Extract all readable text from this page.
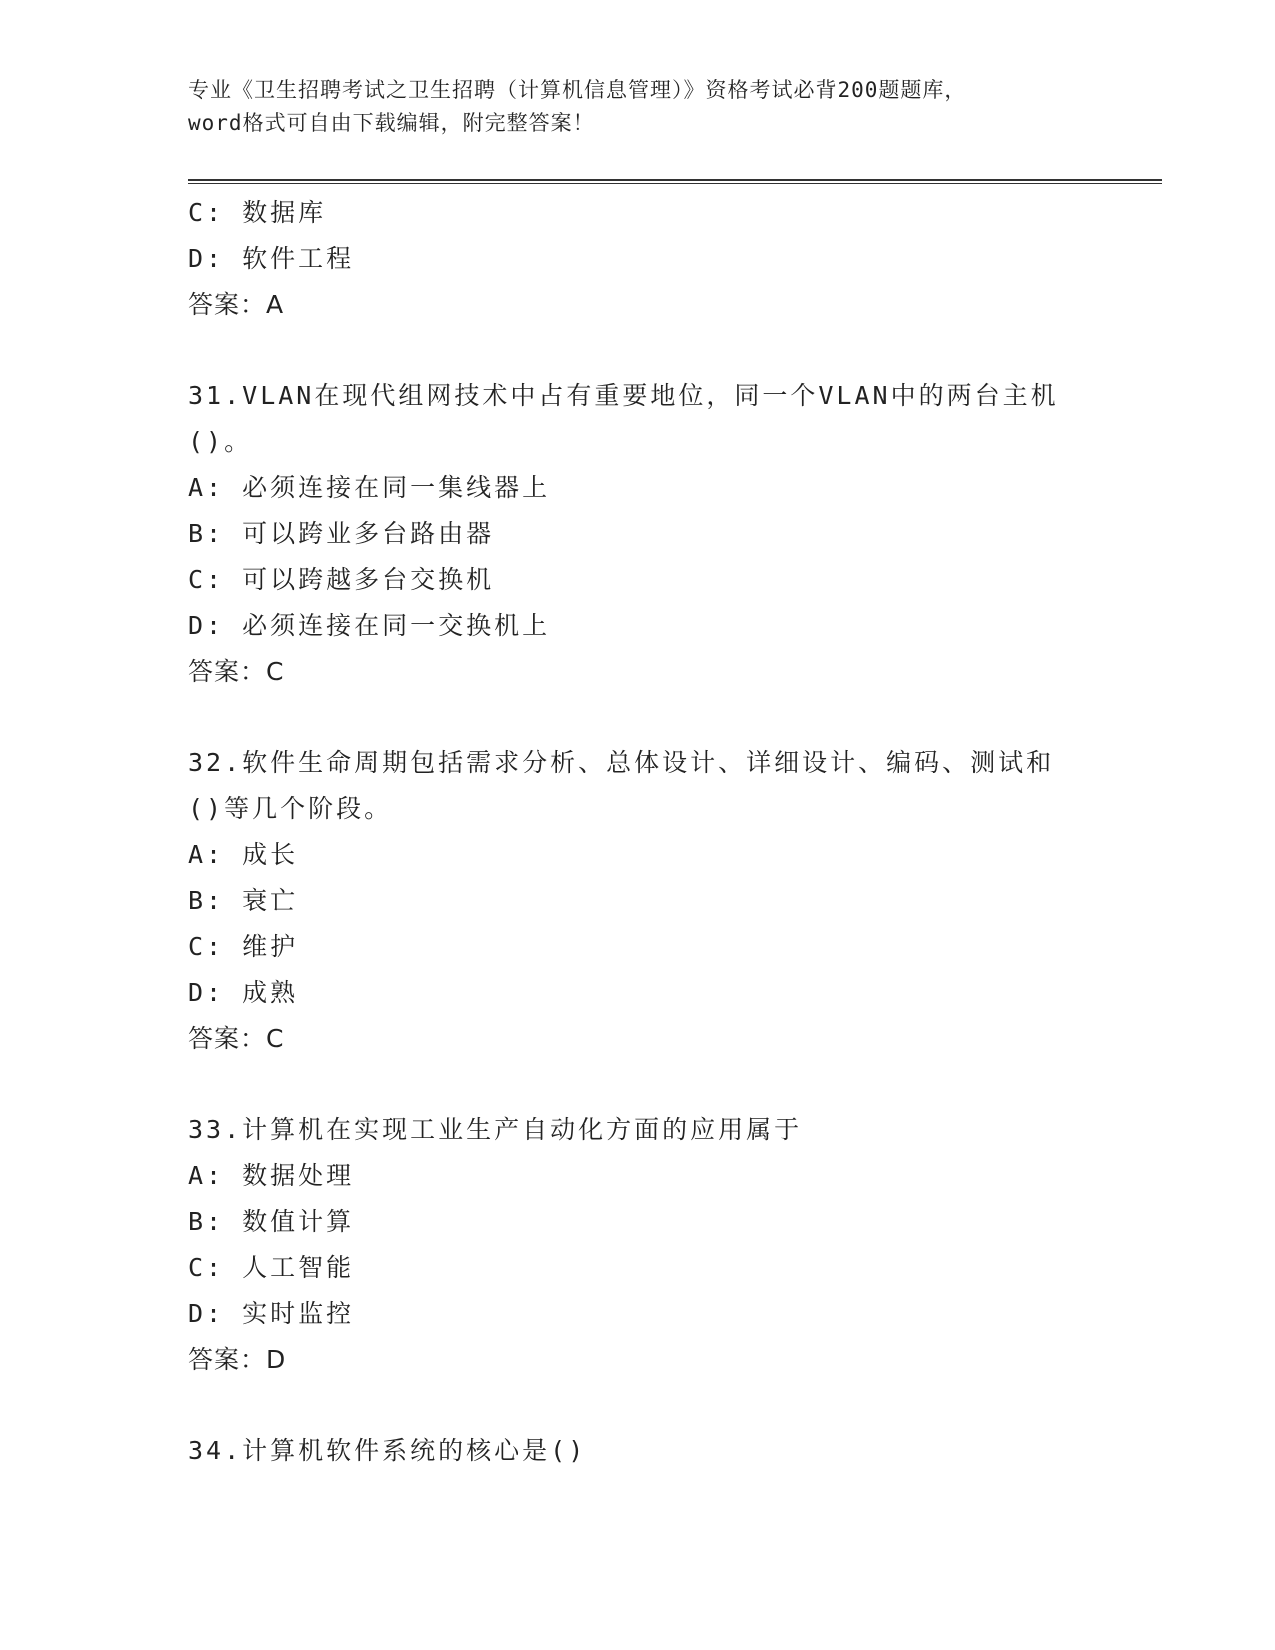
专业《卫生招聘考试之卫生招聘（计算机信息管理）》资格考试必背200题题库，
word格式可自由下载编辑，附完整答案！
C: 数据库
D: 软件工程
答案：A
31.VLAN在现代组网技术中占有重要地位，同一个VLAN中的两台主机
()。
A: 必须连接在同一集线器上
B: 可以跨业多台路由器
C: 可以跨越多台交换机
D: 必须连接在同一交换机上
答案：C
32.软件生命周期包括需求分析、总体设计、详细设计、编码、测试和
()等几个阶段。
A: 成长
B: 衰亡
C: 维护
D: 成熟
答案：C
33.计算机在实现工业生产自动化方面的应用属于
A: 数据处理
B: 数值计算
C: 人工智能
D: 实时监控
答案：D
34.计算机软件系统的核心是()
